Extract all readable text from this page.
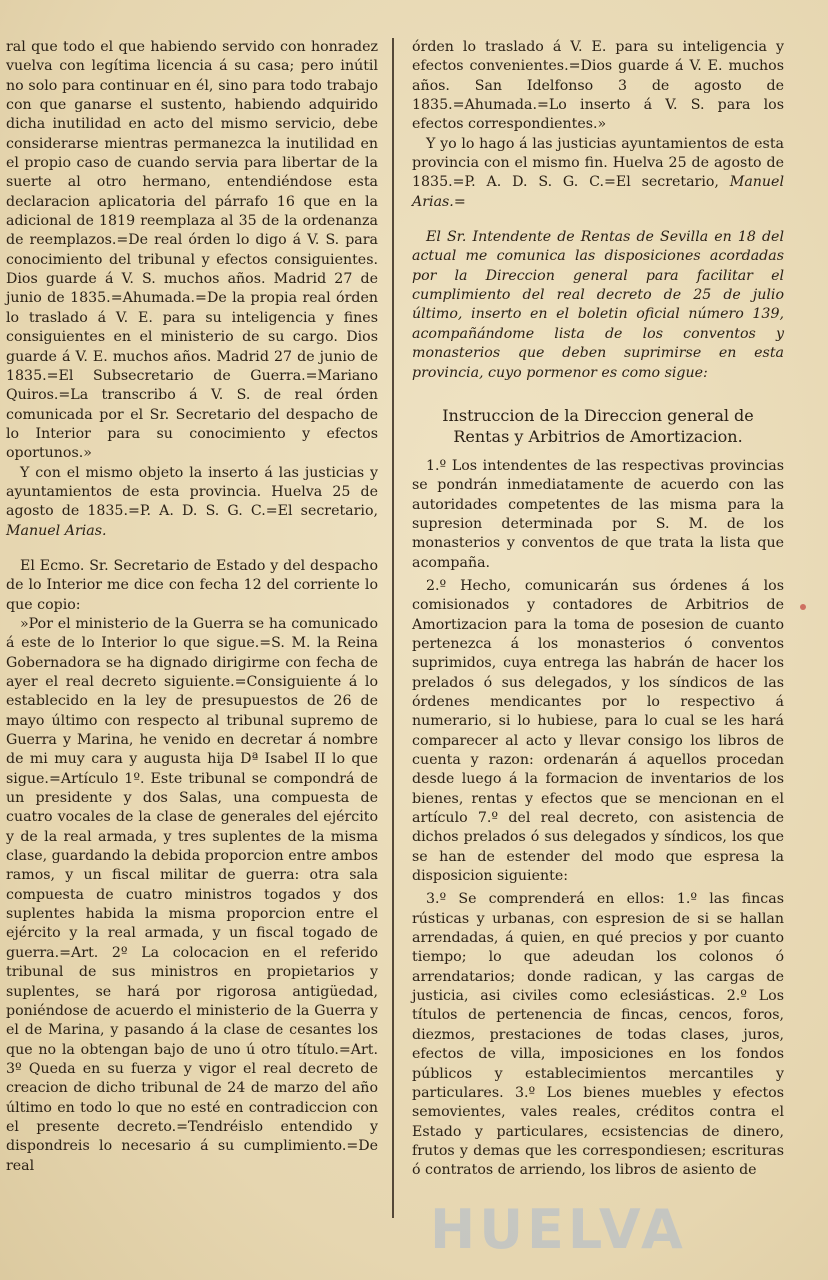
ral que todo el que habiendo servido con honradez vuelva con legítima licencia á su casa; pero inútil no solo para continuar en él, sino para todo trabajo con que ganarse el sustento, habiendo adquirido dicha inutilidad en acto del mismo servicio, debe considerarse mientras permanezca la inutilidad en el propio caso de cuando servia para libertar de la suerte al otro hermano, entendiéndose esta declaracion aplicatoria del párrafo 16 que en la adicional de 1819 reemplaza al 35 de la ordenanza de reemplazos.=De real órden lo digo á V. S. para conocimiento del tribunal y efectos consiguientes. Dios guarde á V. S. muchos años. Madrid 27 de junio de 1835.=Ahumada.=De la propia real órden lo traslado á V. E. para su inteligencia y fines consiguientes en el ministerio de su cargo. Dios guarde á V. E. muchos años. Madrid 27 de junio de 1835.=El Subsecretario de Guerra.=Mariano Quiros.=La transcribo á V. S. de real órden comunicada por el Sr. Secretario del despacho de lo Interior para su conocimiento y efectos oportunos.»

Y con el mismo objeto la inserto á las justicias y ayuntamientos de esta provincia. Huelva 25 de agosto de 1835.=P. A. D. S. G. C.=El secretario, Manuel Arias.

El Ecmo. Sr. Secretario de Estado y del despacho de lo Interior me dice con fecha 12 del corriente lo que copio:

»Por el ministerio de la Guerra se ha comunicado á este de lo Interior lo que sigue.=S. M. la Reina Gobernadora se ha dignado dirigirme con fecha de ayer el real decreto siguiente.=Consiguiente á lo establecido en la ley de presupuestos de 26 de mayo último con respecto al tribunal supremo de Guerra y Marina, he venido en decretar á nombre de mi muy cara y augusta hija Dª Isabel II lo que sigue.=Artículo 1º. Este tribunal se compondrá de un presidente y dos Salas, una compuesta de cuatro vocales de la clase de generales del ejército y de la real armada, y tres suplentes de la misma clase, guardando la debida proporcion entre ambos ramos, y un fiscal militar de guerra: otra sala compuesta de cuatro ministros togados y dos suplentes habida la misma proporcion entre el ejército y la real armada, y un fiscal togado de guerra.=Art. 2º La colocacion en el referido tribunal de sus ministros en propietarios y suplentes, se hará por rigorosa antigüedad, poniéndose de acuerdo el ministerio de la Guerra y el de Marina, y pasando á la clase de cesantes los que no la obtengan bajo de uno ú otro título.=Art. 3º Queda en su fuerza y vigor el real decreto de creacion de dicho tribunal de 24 de marzo del año último en todo lo que no esté en contradiccion con el presente decreto.=Tendréislo entendido y dispondreis lo necesario á su cumplimiento.=De real

órden lo traslado á V. E. para su inteligencia y efectos convenientes.=Dios guarde á V. E. muchos años. San Idelfonso 3 de agosto de 1835.=Ahumada.=Lo inserto á V. S. para los efectos correspondientes.»

Y yo lo hago á las justicias ayuntamientos de esta provincia con el mismo fin. Huelva 25 de agosto de 1835.=P. A. D. S. G. C.=El secretario, Manuel Arias.=

El Sr. Intendente de Rentas de Sevilla en 18 del actual me comunica las disposiciones acordadas por la Direccion general para facilitar el cumplimiento del real decreto de 25 de julio último, inserto en el boletin oficial número 139, acompañándome lista de los conventos y monasterios que deben suprimirse en esta provincia, cuyo pormenor es como sigue:

Instruccion de la Direccion general de Rentas y Arbitrios de Amortizacion.

1.º Los intendentes de las respectivas provincias se pondrán inmediatamente de acuerdo con las autoridades competentes de las misma para la supresion determinada por S. M. de los monasterios y conventos de que trata la lista que acompaña.

2.º Hecho, comunicarán sus órdenes á los comisionados y contadores de Arbitrios de Amortizacion para la toma de posesion de cuanto pertenezca á los monasterios ó conventos suprimidos, cuya entrega las habrán de hacer los prelados ó sus delegados, y los síndicos de las órdenes mendicantes por lo respectivo á numerario, si lo hubiese, para lo cual se les hará comparecer al acto y llevar consigo los libros de cuenta y razon: ordenarán á aquellos procedan desde luego á la formacion de inventarios de los bienes, rentas y efectos que se mencionan en el artículo 7.º del real decreto, con asistencia de dichos prelados ó sus delegados y síndicos, los que se han de estender del modo que espresa la disposicion siguiente:

3.º Se comprenderá en ellos: 1.º las fincas rústicas y urbanas, con espresion de si se hallan arrendadas, á quien, en qué precios y por cuanto tiempo; lo que adeudan los colonos ó arrendatarios; donde radican, y las cargas de justicia, asi civiles como eclesiásticas. 2.º Los títulos de pertenencia de fincas, cencos, foros, diezmos, prestaciones de todas clases, juros, efectos de villa, imposiciones en los fondos públicos y establecimientos mercantiles y particulares. 3.º Los bienes muebles y efectos semovientes, vales reales, créditos contra el Estado y particulares, ecsistencias de dinero, frutos y demas que les correspondiesen; escrituras ó contratos de arriendo, los libros de asiento de

HUELVA
